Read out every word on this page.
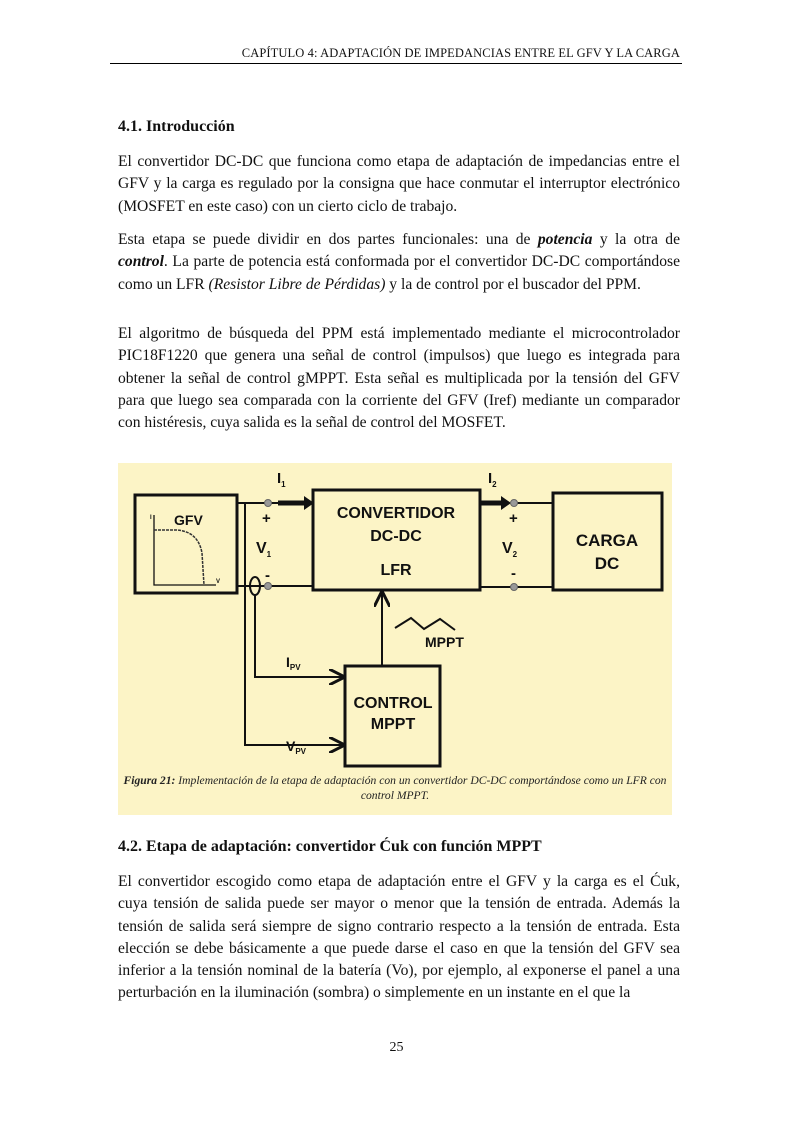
CAPÍTULO 4: ADAPTACIÓN DE IMPEDANCIAS ENTRE EL GFV Y LA CARGA
4.1. Introducción

El convertidor DC-DC que funciona como etapa de adaptación de impedancias entre el GFV y la carga es regulado por la consigna que hace conmutar el interruptor electrónico (MOSFET en este caso) con un cierto ciclo de trabajo.

Esta etapa se puede dividir en dos partes funcionales: una de potencia y la otra de control. La parte de potencia está conformada por el convertidor DC-DC comportándose como un LFR (Resistor Libre de Pérdidas) y la de control por el buscador del PPM.

El algoritmo de búsqueda del PPM está implementado mediante el microcontrolador PIC18F1220 que genera una señal de control (impulsos) que luego es integrada para obtener la señal de control gMPPT. Esta señal es multiplicada por la tensión del GFV para que luego sea comparada con la corriente del GFV (Iref) mediante un comparador con histéresis, cuya salida es la señal de control del MOSFET.

I
V
GFV	CONVERTIDOR
DC-DC
LFR
CARGA
DC
CONTROL
MPPT
MPPT
$I_1$	$I_2$
+	+
-	-
$V_1$	$V_2$
$I_{PV}$
$V_{PV}$
Figura 21: Implementación de la etapa de adaptación con un convertidor DC-DC comportándose como un LFR con control MPPT.
4.2. Etapa de adaptación: convertidor Ćuk con función MPPT

El convertidor escogido como etapa de adaptación entre el GFV y la carga es el Ćuk, cuya tensión de salida puede ser mayor o menor que la tensión de entrada. Además la tensión de salida será siempre de signo contrario respecto a la tensión de entrada. Esta elección se debe básicamente a que puede darse el caso en que la tensión del GFV sea inferior a la tensión nominal de la batería (Vo), por ejemplo, al exponerse el panel a una perturbación en la iluminación (sombra) o simplemente en un instante en el que la

25
